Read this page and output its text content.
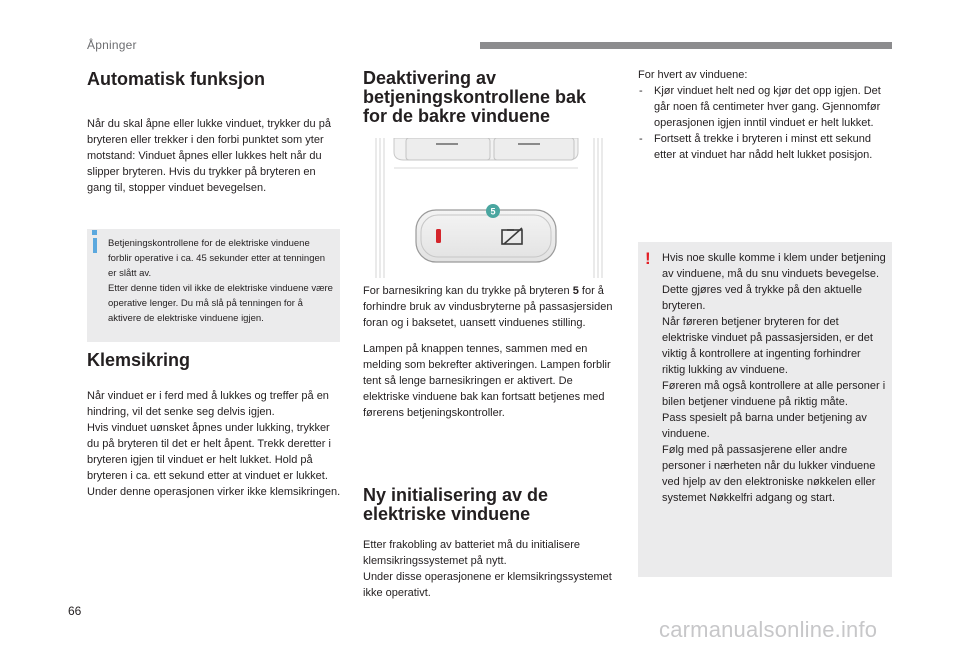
Åpninger
Automatisk funksjon

Når du skal åpne eller lukke vinduet, trykker du på bryteren eller trekker i den forbi punktet som yter motstand: Vinduet åpnes eller lukkes helt når du slipper bryteren. Hvis du trykker på bryteren en gang til, stopper vinduet bevegelsen.

Betjeningskontrollene for de elektriske vinduene forblir operative i ca. 45 sekunder etter at tenningen er slått av.
Etter denne tiden vil ikke de elektriske vinduene være operative lenger. Du må slå på tenningen for å aktivere de elektriske vinduene igjen.
Klemsikring

Når vinduet er i ferd med å lukkes og treffer på en hindring, vil det senke seg delvis igjen.

Hvis vinduet uønsket åpnes under lukking, trykker du på bryteren til det er helt åpent. Trekk deretter i bryteren igjen til vinduet er helt lukket. Hold på bryteren i ca. ett sekund etter at vinduet er lukket.

Under denne operasjonen virker ikke klemsikringen.

Deaktivering av
betjeningskontrollene bak
for de bakre vinduene
5

For barnesikring kan du trykke på bryteren 5 for å forhindre bruk av vindusbryterne på passasjersiden foran og i baksetet, uansett vinduenes stilling.

Lampen på knappen tennes, sammen med en melding som bekrefter aktiveringen. Lampen forblir tent så lenge barnesikringen er aktivert. De elektriske vinduene bak kan fortsatt betjenes med førerens betjeningskontroller.

Ny initialisering av de
elektriske vinduene

Etter frakobling av batteriet må du initialisere klemsikringssystemet på nytt.

Under disse operasjonene er klemsikringssystemet ikke operativt.

For hvert av vinduene:

- Kjør vinduet helt ned og kjør det opp igjen. Det går noen få centimeter hver gang. Gjennomfør operasjonen igjen inntil vinduet er helt lukket.
- Fortsett å trekke i bryteren i minst ett sekund etter at vinduet har nådd helt lukket posisjon.
!	Hvis noe skulle komme i klem under betjening av vinduene, må du snu vinduets bevegelse. Dette gjøres ved å trykke på den aktuelle bryteren.
Når føreren betjener bryteren for det elektriske vinduet på passasjersiden, er det viktig å kontrollere at ingenting forhindrer riktig lukking av vinduene.
Føreren må også kontrollere at alle personer i bilen betjener vinduene på riktig måte.
Pass spesielt på barna under betjening av vinduene.
Følg med på passasjerene eller andre personer i nærheten når du lukker vinduene ved hjelp av den elektroniske nøkkelen eller systemet Nøkkelfri adgang og start.
66
carmanualsonline.info
